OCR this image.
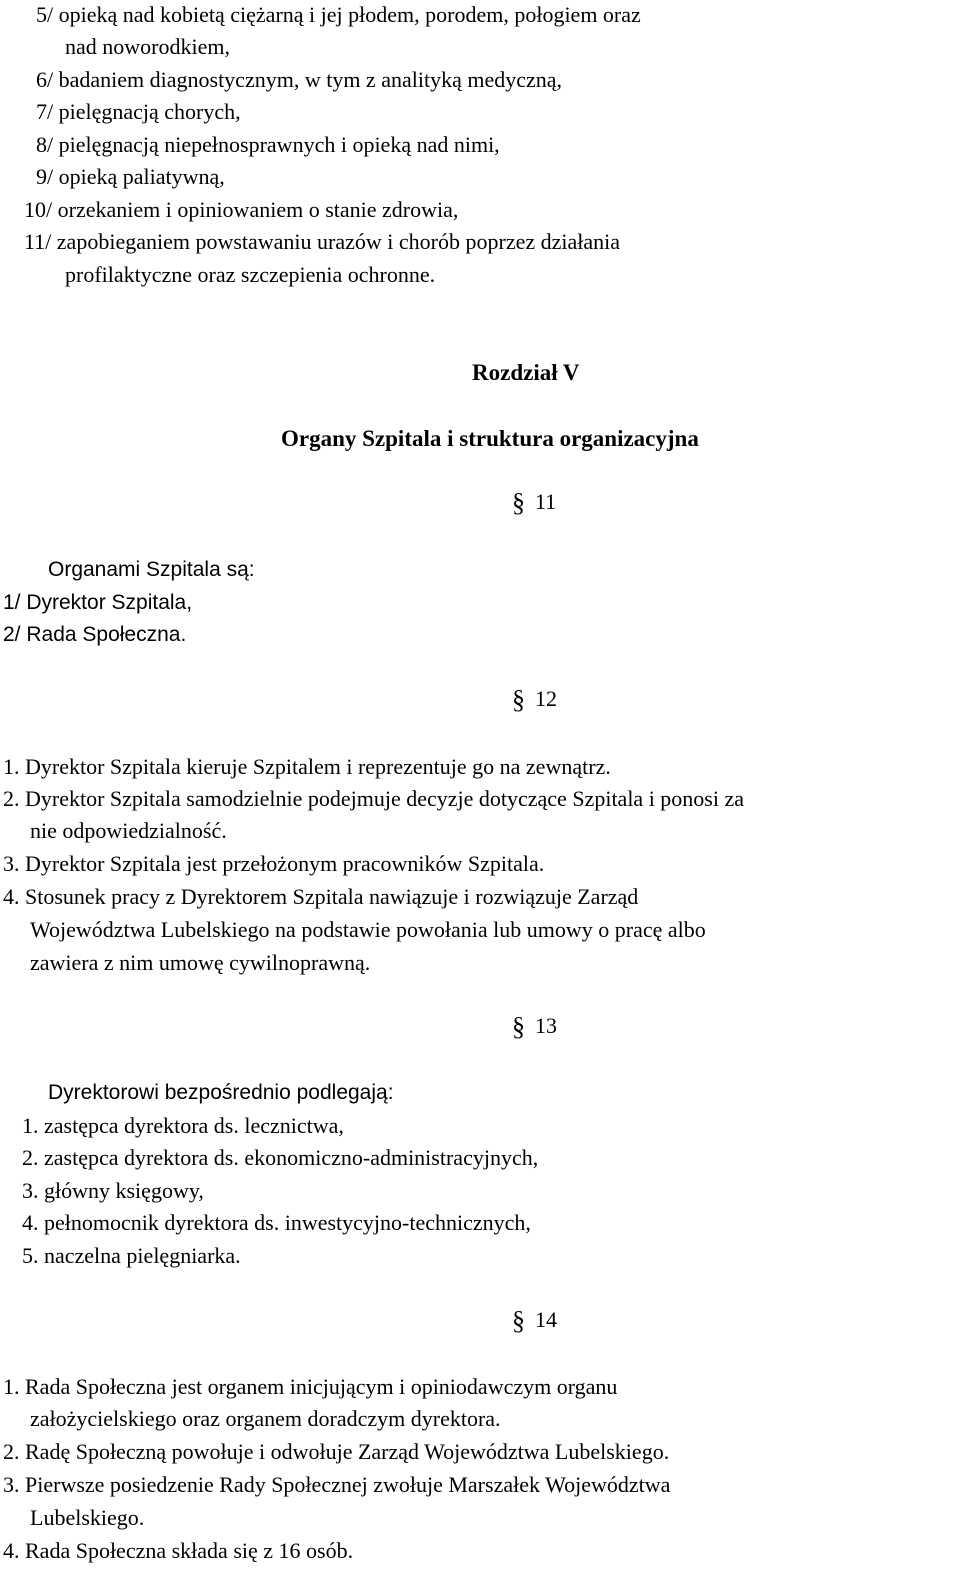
5/ opieką nad kobietą ciężarną i jej płodem, porodem, połogiem oraz
nad noworodkiem,
6/ badaniem diagnostycznym, w tym z analityką medyczną,
7/ pielęgnacją chorych,
8/ pielęgnacją niepełnosprawnych i opieką nad nimi,
9/ opieką paliatywną,
10/ orzekaniem i opiniowaniem o stanie zdrowia,
11/ zapobieganiem powstawaniu urazów i chorób poprzez działania
profilaktyczne oraz szczepienia ochronne.
Rozdział V
Organy Szpitala i struktura organizacyjna
§ 11
Organami Szpitala są:
1/ Dyrektor Szpitala,
2/ Rada Społeczna.
§ 12
1. Dyrektor Szpitala kieruje Szpitalem i reprezentuje go na zewnątrz.
2. Dyrektor Szpitala samodzielnie podejmuje decyzje dotyczące Szpitala i ponosi za
nie odpowiedzialność.
3. Dyrektor Szpitala jest przełożonym pracowników Szpitala.
4. Stosunek pracy z Dyrektorem Szpitala nawiązuje i rozwiązuje Zarząd
Województwa Lubelskiego na podstawie powołania lub umowy o pracę albo
zawiera z nim umowę cywilnoprawną.
§ 13
Dyrektorowi bezpośrednio podlegają:
1. zastępca dyrektora ds. lecznictwa,
2. zastępca dyrektora ds. ekonomiczno-administracyjnych,
3. główny księgowy,
4. pełnomocnik dyrektora ds. inwestycyjno-technicznych,
5. naczelna pielęgniarka.
§ 14
1. Rada Społeczna jest organem inicjującym i opiniodawczym organu
założycielskiego oraz organem doradczym dyrektora.
2. Radę Społeczną powołuje i odwołuje Zarząd Województwa Lubelskiego.
3. Pierwsze posiedzenie Rady Społecznej zwołuje Marszałek Województwa
Lubelskiego.
4. Rada Społeczna składa się z 16 osób.
